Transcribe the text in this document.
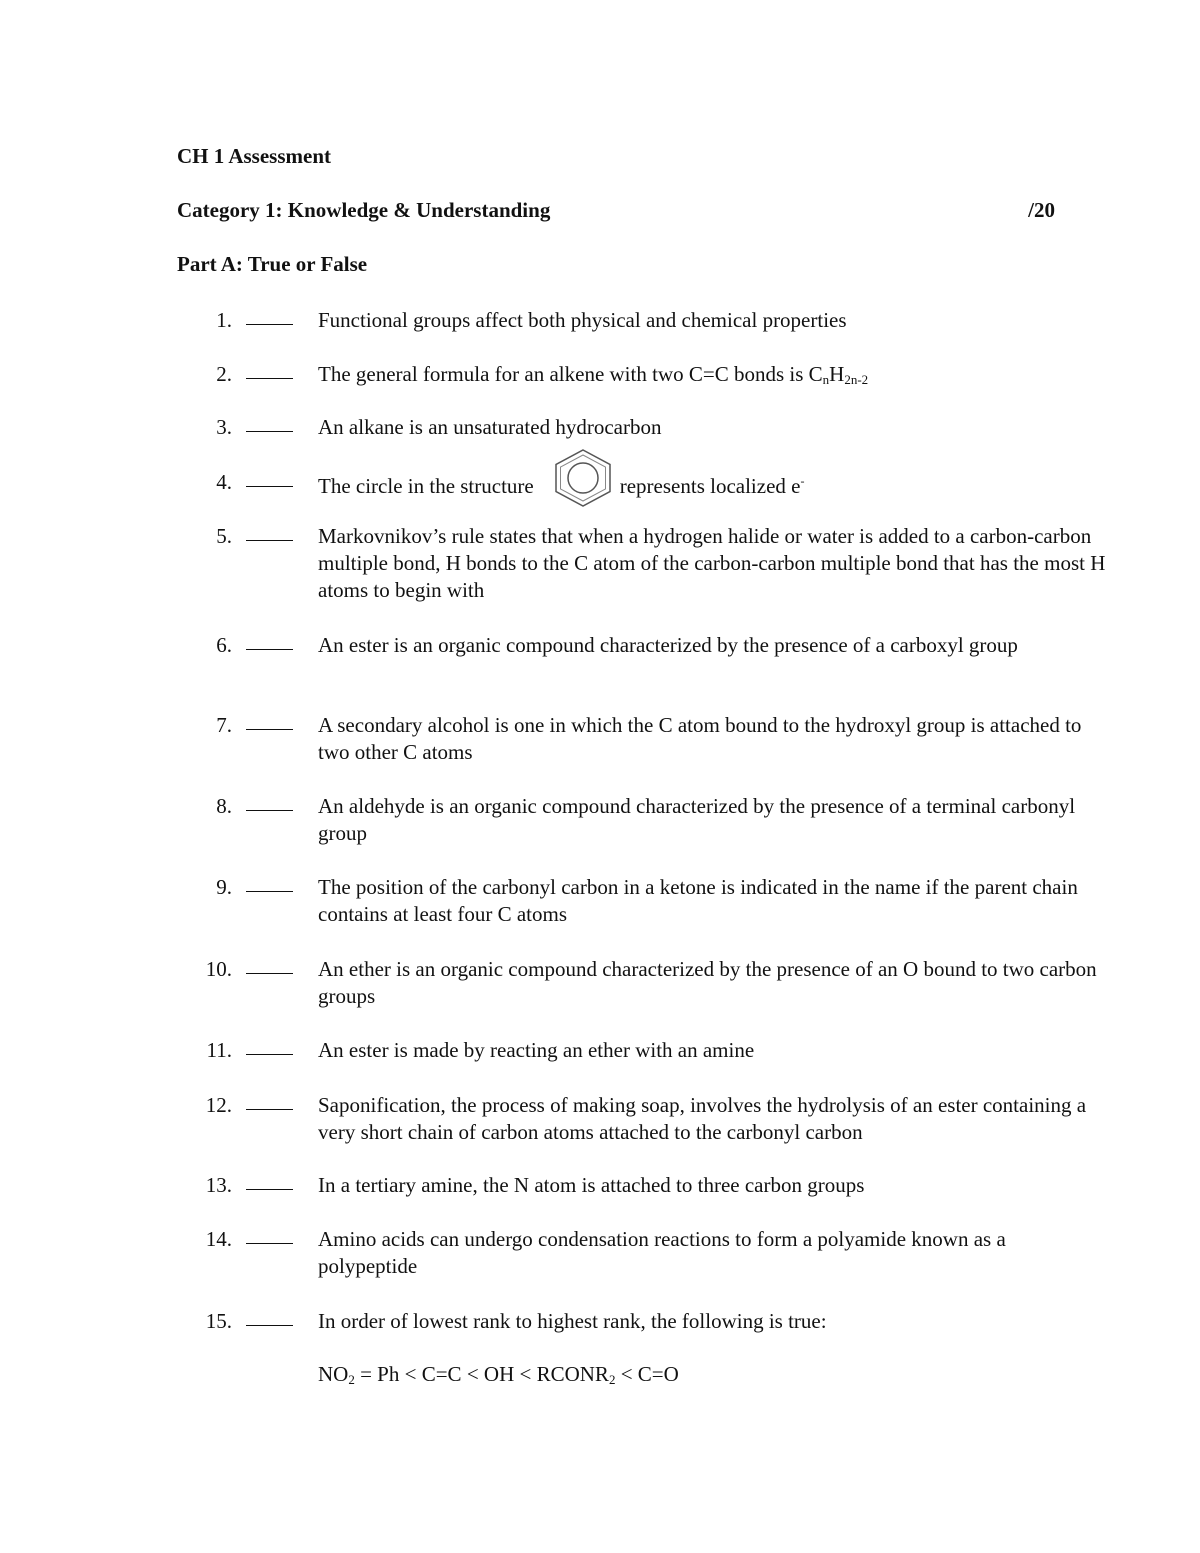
CH 1 Assessment
Category 1: Knowledge & Understanding	/20
Part A: True or False
1.	Functional groups affect both physical and chemical properties
2.	The general formula for an alkene with two C=C bonds is $C_nH_{2n-2}$
3.	An alkane is an unsaturated hydrocarbon
4.	The circle in the structure	represents localized e-
5.	Markovnikov’s rule states that when a hydrogen halide or water is added to a carbon-carbon multiple bond, H bonds to the C atom of the carbon-carbon multiple bond that has the most H atoms to begin with
6.	An ester is an organic compound characterized by the presence of a carboxyl group
7.	A secondary alcohol is one in which the C atom bound to the hydroxyl group is attached to two other C atoms
8.	An aldehyde is an organic compound characterized by the presence of a terminal carbonyl group
9.	The position of the carbonyl carbon in a ketone is indicated in the name if the parent chain contains at least four C atoms
10.	An ether is an organic compound characterized by the presence of an O bound to two carbon groups
11.	An ester is made by reacting an ether with an amine
12.	Saponification, the process of making soap, involves the hydrolysis of an ester containing a very short chain of carbon atoms attached to the carbonyl carbon
13.	In a tertiary amine, the N atom is attached to three carbon groups
14.	Amino acids can undergo condensation reactions to form a polyamide known as a polypeptide
15.	In order of lowest rank to highest rank, the following is true:
$NO_2 = Ph < C=C$ < OH < $RCONR_2 < C=O$
